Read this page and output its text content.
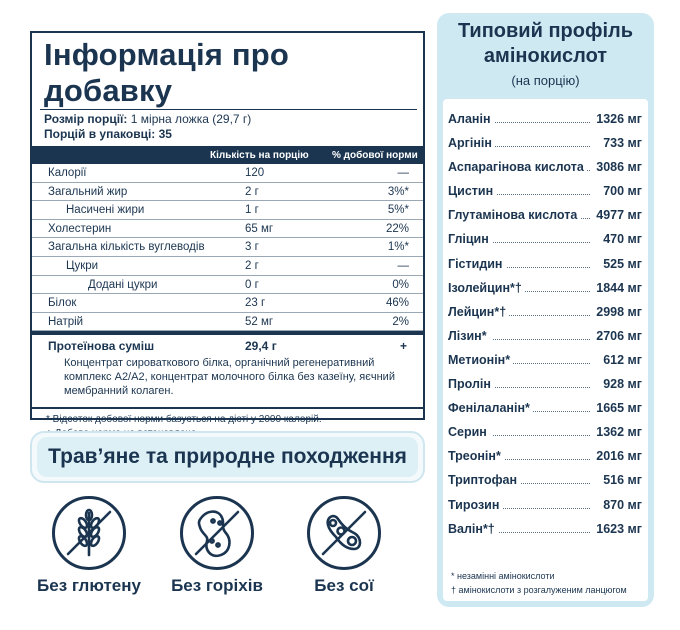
Інформація про добавку
Розмір порції: 1 мірна ложка (29,7 г)
Порцій в упаковці: 35
Кількість на порцію % добової норми
Калорії	120	—
Загальний жир	2 г	3%*
Насичені жири	1 г	5%*
Холестерин	65 мг	22%
Загальна кількість вуглеводів	3 г	1%*
Цукри	2 г	—
Додані цукри	0 г	0%
Білок	23 г	46%
Натрій	52 мг	2%
Протеїнова суміш	29,4 г	+
Концентрат сироваткового білка, органічний регенеративний комплекс A2/A2, концентрат молочного білка без казеїну, яєчний мембранний колаген.
* Відсоток добової норми базується на дієті у 2000 калорій.
Трав’яне та природне походження
Без глютену	Без горіхів	Без сої
Типовий профіль
амінокислот
(на порцію)
Аланін	1326 мг
Аргінін	733 мг
Аспарагінова кислота 3086 мг
Цистин	700 мг
Глутамінова кислота 4977 мг
Гліцин	470 мг
Гістидин	525 мг
Ізолейцин*†	1844 мг
Лейцин*†	2998 мг
Лізин*	2706 мг
Метионін*	612 мг
Пролін	928 мг
Фенілаланін*	1665 мг
Серин	1362 мг
Треонін*	2016 мг
Триптофан	516 мг
Тирозин	870 мг
Валін*†	1623 мг
* незамінні амінокислоти
† амінокислоти з розгалуженим ланцюгом
